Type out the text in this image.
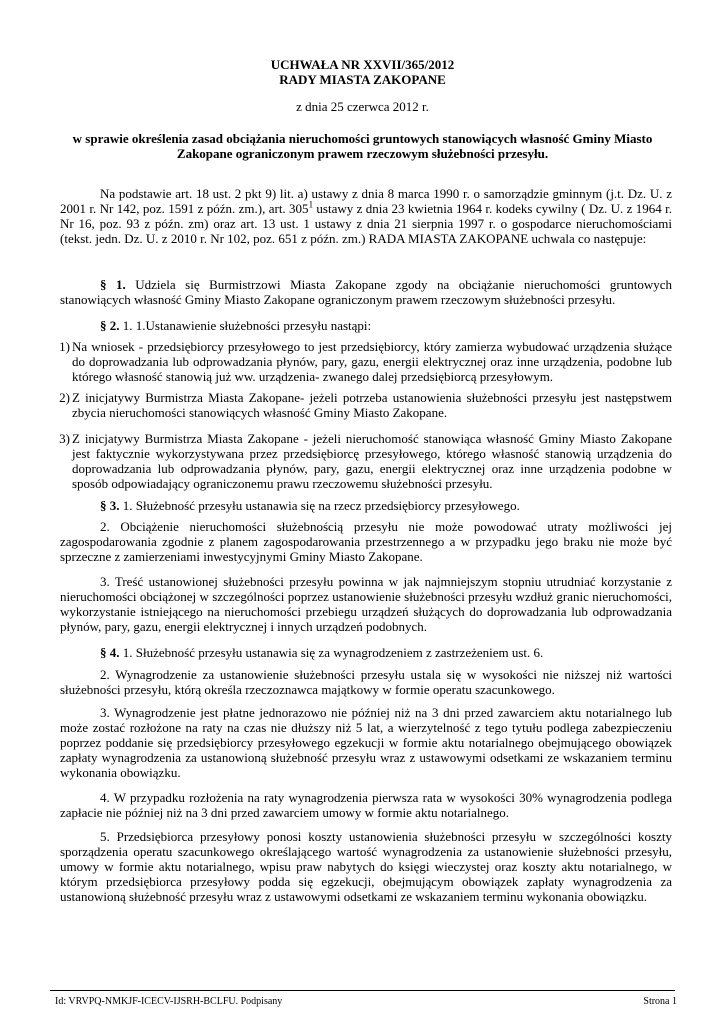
UCHWAŁA NR XXVII/365/2012
RADY MIASTA ZAKOPANE
z dnia 25 czerwca 2012 r.
w sprawie określenia zasad obciążania nieruchomości gruntowych stanowiących własność Gminy Miasto Zakopane ograniczonym prawem rzeczowym służebności przesyłu.

Na podstawie art. 18 ust. 2 pkt 9) lit. a) ustawy z dnia 8 marca 1990 r. o samorządzie gminnym (j.t. Dz. U. z 2001 r. Nr 142, poz. 1591 z późn. zm.), art. $305^1$ ustawy z dnia 23 kwietnia 1964 r. kodeks cywilny ( Dz. U. z 1964 r. Nr 16, poz. 93 z późn. zm) oraz art. 13 ust. 1 ustawy z dnia 21 sierpnia 1997 r. o gospodarce nieruchomościami (tekst. jedn. Dz. U. z 2010 r. Nr 102, poz. 651 z późn. zm.) RADA MIASTA ZAKOPANE uchwala co następuje:

§ 1. Udziela się Burmistrzowi Miasta Zakopane zgody na obciążanie nieruchomości gruntowych stanowiących własność Gminy Miasto Zakopane ograniczonym prawem rzeczowym służebności przesyłu.

§ 2. 1. 1.Ustanawienie służebności przesyłu nastąpi:

1) Na wniosek - przedsiębiorcy przesyłowego to jest przedsiębiorcy, który zamierza wybudować urządzenia służące do doprowadzania lub odprowadzania płynów, pary, gazu, energii elektrycznej oraz inne urządzenia, podobne lub którego własność stanowią już ww. urządzenia- zwanego dalej przedsiębiorcą przesyłowym.
2) Z inicjatywy Burmistrza Miasta Zakopane- jeżeli potrzeba ustanowienia służebności przesyłu jest następstwem zbycia nieruchomości stanowiących własność Gminy Miasto Zakopane.
3) Z inicjatywy Burmistrza Miasta Zakopane - jeżeli nieruchomość stanowiąca własność Gminy Miasto Zakopane jest faktycznie wykorzystywana przez przedsiębiorcę przesyłowego, którego własność stanowią urządzenia do doprowadzania lub odprowadzania płynów, pary, gazu, energii elektrycznej oraz inne urządzenia podobne w sposób odpowiadający ograniczonemu prawu rzeczowemu służebności przesyłu.

§ 3. 1. Służebność przesyłu ustanawia się na rzecz przedsiębiorcy przesyłowego.

2. Obciążenie nieruchomości służebnością przesyłu nie może powodować utraty możliwości jej zagospodarowania zgodnie z planem zagospodarowania przestrzennego a w przypadku jego braku nie może być sprzeczne z zamierzeniami inwestycyjnymi Gminy Miasto Zakopane.

3. Treść ustanowionej służebności przesyłu powinna w jak najmniejszym stopniu utrudniać korzystanie z nieruchomości obciążonej w szczególności poprzez ustanowienie służebności przesyłu wzdłuż granic nieruchomości, wykorzystanie istniejącego na nieruchomości przebiegu urządzeń służących do doprowadzania lub odprowadzania płynów, pary, gazu, energii elektrycznej i innych urządzeń podobnych.

§ 4. 1. Służebność przesyłu ustanawia się za wynagrodzeniem z zastrzeżeniem ust. 6.

2. Wynagrodzenie za ustanowienie służebności przesyłu ustala się w wysokości nie niższej niż wartości służebności przesyłu, którą określa rzeczoznawca majątkowy w formie operatu szacunkowego.

3. Wynagrodzenie jest płatne jednorazowo nie później niż na 3 dni przed zawarciem aktu notarialnego lub może zostać rozłożone na raty na czas nie dłuższy niż 5 lat, a wierzytelność z tego tytułu podlega zabezpieczeniu poprzez poddanie się przedsiębiorcy przesyłowego egzekucji w formie aktu notarialnego obejmującego obowiązek zapłaty wynagrodzenia za ustanowioną służebność przesyłu wraz z ustawowymi odsetkami ze wskazaniem terminu wykonania obowiązku.

4. W przypadku rozłożenia na raty wynagrodzenia pierwsza rata w wysokości 30% wynagrodzenia podlega zapłacie nie później niż na 3 dni przed zawarciem umowy w formie aktu notarialnego.

5. Przedsiębiorca przesyłowy ponosi koszty ustanowienia służebności przesyłu w szczególności koszty sporządzenia operatu szacunkowego określającego wartość wynagrodzenia za ustanowienie służebności przesyłu, umowy w formie aktu notarialnego, wpisu praw nabytych do księgi wieczystej oraz koszty aktu notarialnego, w którym przedsiębiorca przesyłowy podda się egzekucji, obejmującym obowiązek zapłaty wynagrodzenia za ustanowioną służebność przesyłu wraz z ustawowymi odsetkami ze wskazaniem terminu wykonania obowiązku.

Id: VRVPQ-NMKJF-ICECV-IJSRH-BCLFU. Podpisany	Strona 1
